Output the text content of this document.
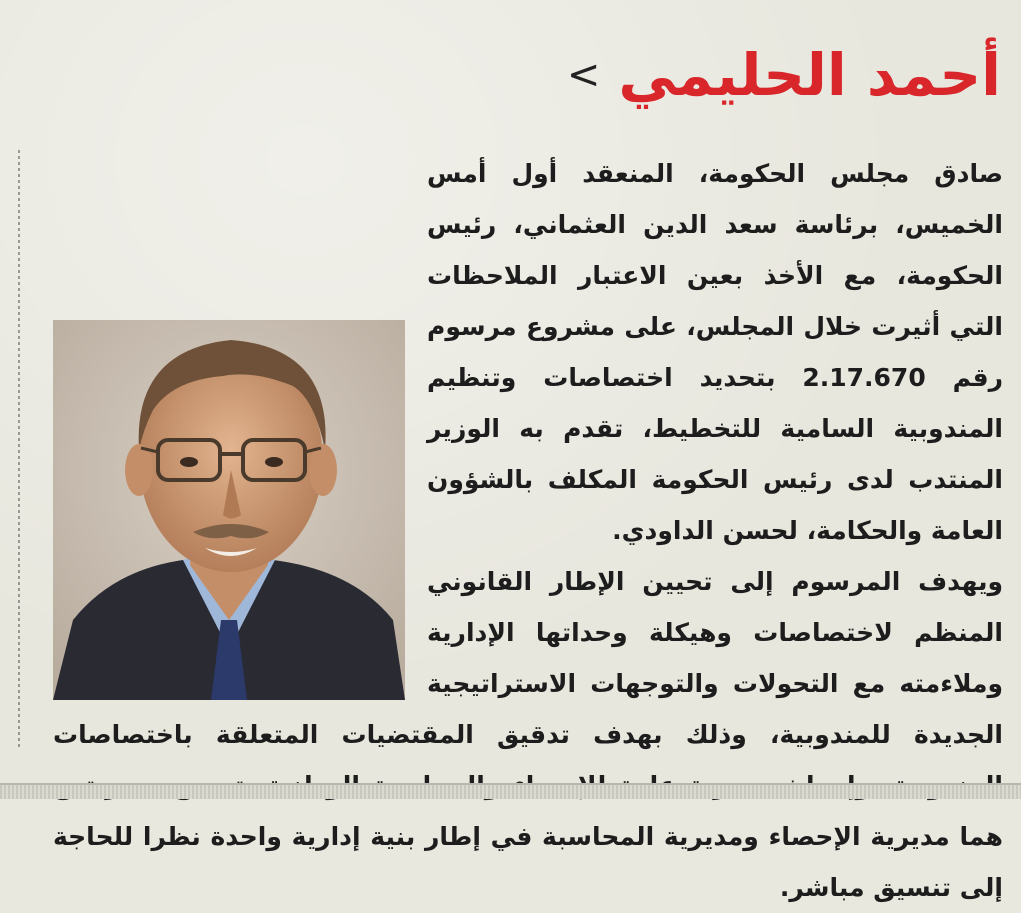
أحمد الحليمي
<

صادق مجلس الحكومة، المنعقد أول أمس الخميس، برئاسة سعد الدين العثماني، رئيس الحكومة، مع الأخذ بعين الاعتبار الملاحظات التي أثيرت خلال المجلس، على مشروع مرسوم رقم 2.17.670 بتحديد اختصاصات وتنظيم المندوبية السامية للتخطيط، تقدم به الوزير المنتدب لدى رئيس الحكومة المكلف بالشؤون العامة والحكامة، لحسن الداودي.

ويهدف المرسوم إلى تحيين الإطار القانوني المنظم لاختصاصات وهيكلة وحداتها الإدارية وملاءمته مع التحولات والتوجهات الاستراتيجية الجديدة للمندوبية، وذلك بهدف تدقيق المقتضيات المتعلقة باختصاصات هما مديرية الإحصاء ومديرية المحاسبة في إطار بنية إدارية واحدة نظرا للحاجة إلى تنسيق مباشر.
